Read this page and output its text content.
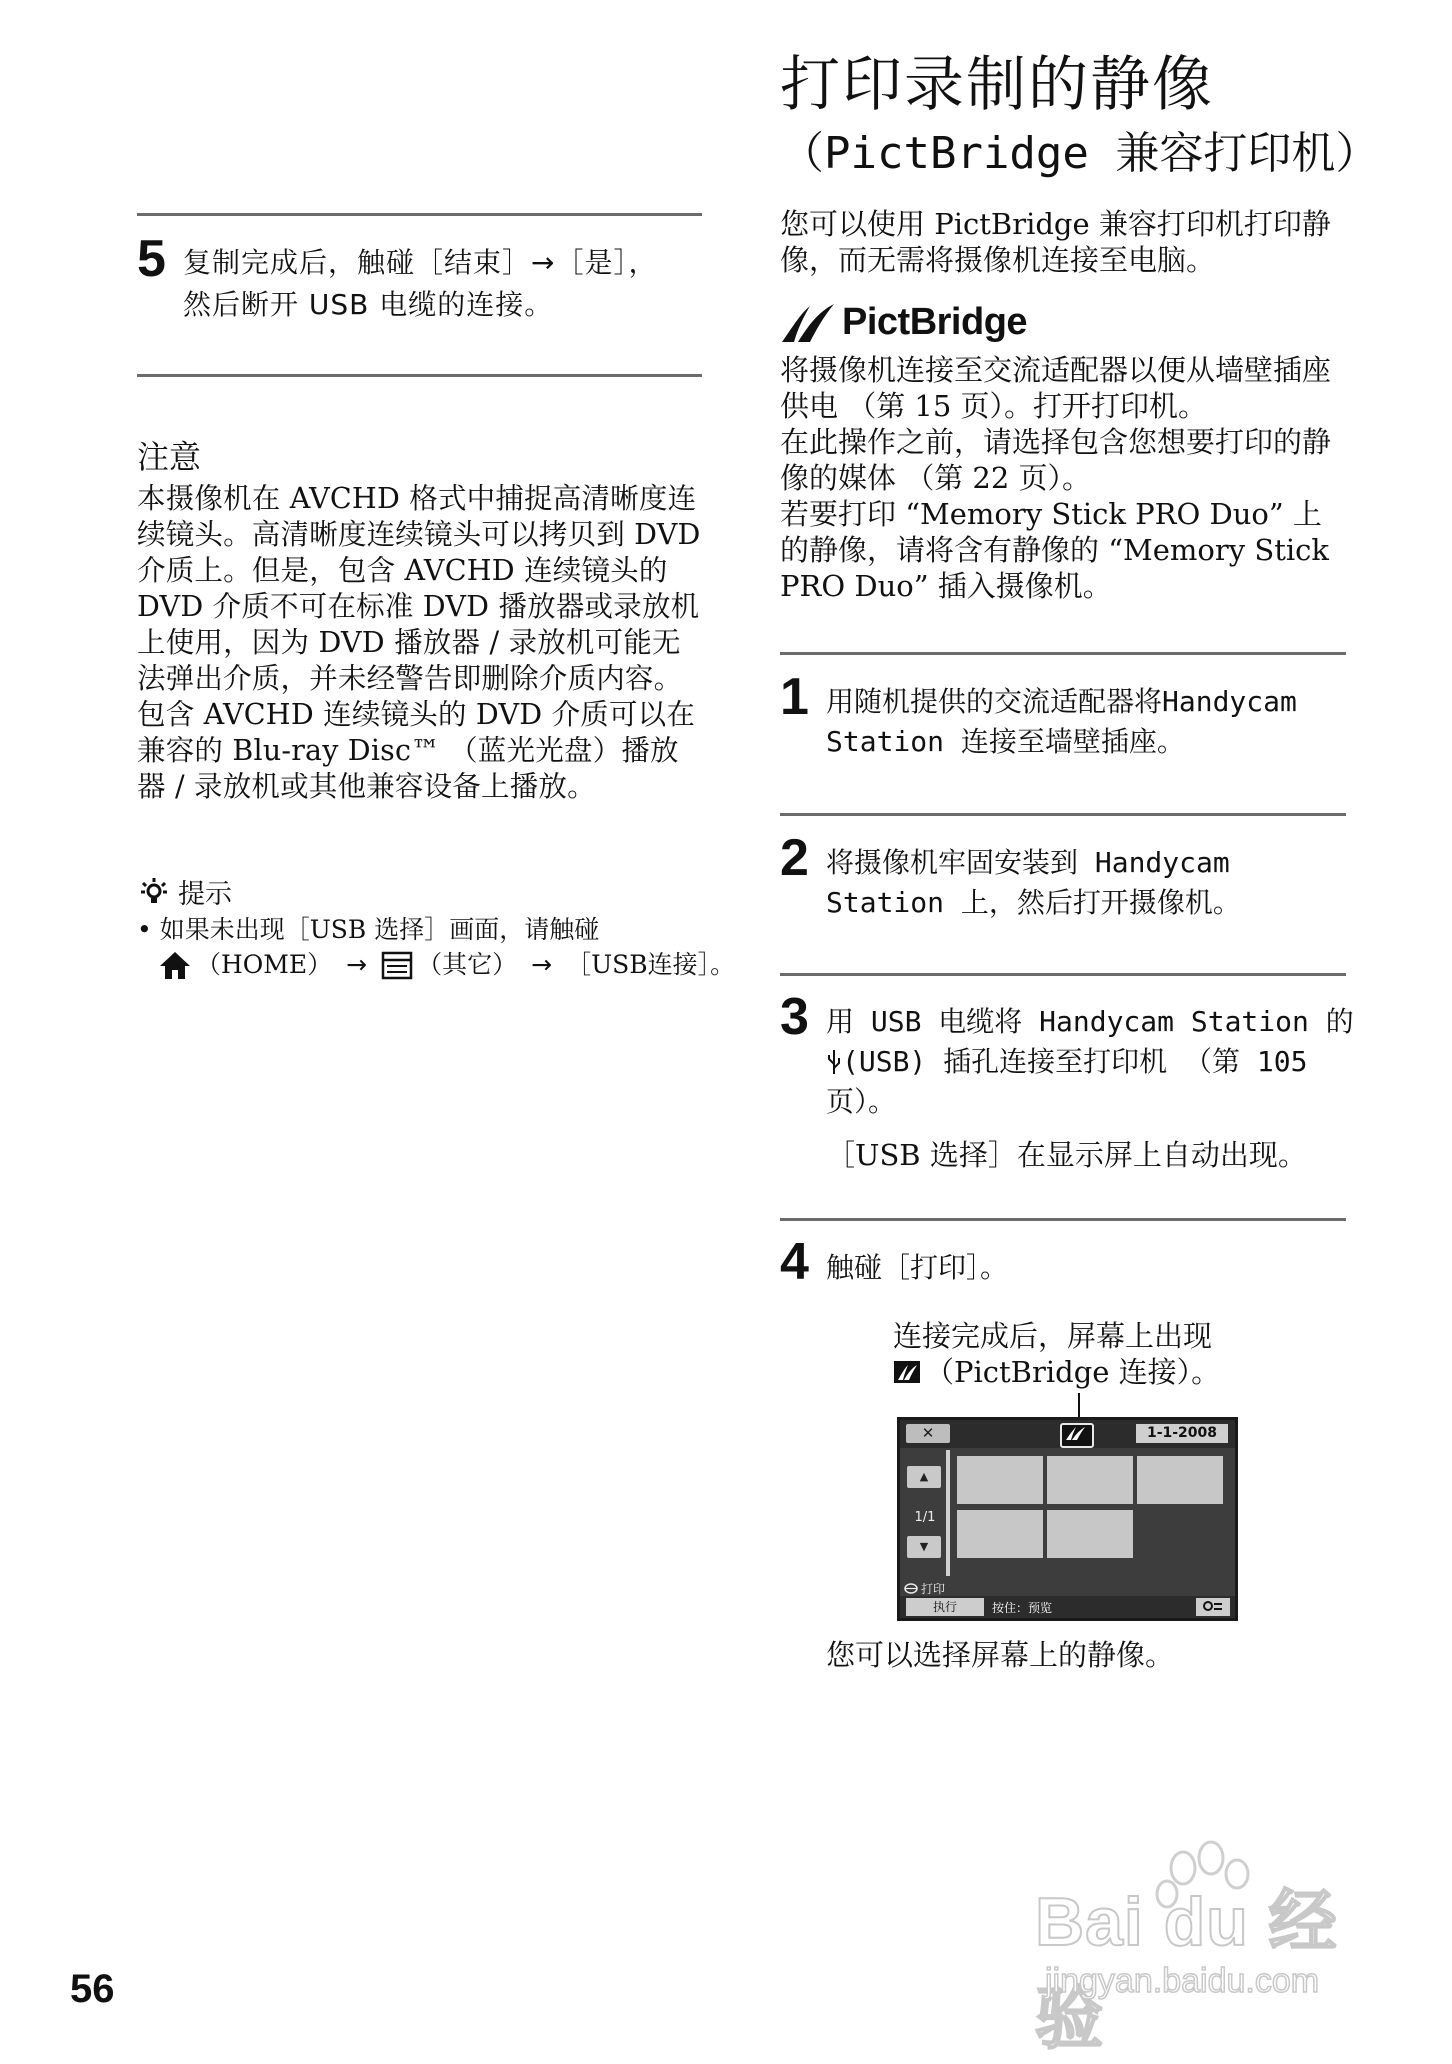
5 复制完成后，触碰［结束］→［是］，
然后断开 USB 电缆的连接。
注意
本摄像机在 AVCHD 格式中捕捉高清晰度连续镜头。高清晰度连续镜头可以拷贝到 DVD 介质上。但是，包含 AVCHD 连续镜头的 DVD 介质不可在标准 DVD 播放器或录放机上使用，因为 DVD 播放器 / 录放机可能无法弹出介质，并未经警告即删除介质内容。包含 AVCHD 连续镜头的 DVD 介质可以在兼容的 Blu-ray Disc™ （蓝光光盘）播放器 / 录放机或其他兼容设备上播放。
提示
• 如果未出现［USB 选择］画面，请触碰
（HOME） → （其它） → ［USB连接］。
打印录制的静像
（PictBridge 兼容打印机）
您可以使用 PictBridge 兼容打印机打印静像，而无需将摄像机连接至电脑。
PictBridge
将摄像机连接至交流适配器以便从墙壁插座供电 （第 15 页）。打开打印机。
在此操作之前，请选择包含您想要打印的静像的媒体 （第 22 页）。
若要打印 “Memory Stick PRO Duo” 上的静像，请将含有静像的 “Memory Stick PRO Duo” 插入摄像机。
1 用随机提供的交流适配器将Handycam
Station 连接至墙壁插座。
2 将摄像机牢固安装到 Handycam
Station 上，然后打开摄像机。
3 用 USB 电缆将 Handycam Station 的
(USB) 插孔连接至打印机 （第 105
页）。
［USB 选择］在显示屏上自动出现。
4 触碰［打印］。
连接完成后，屏幕上出现
（PictBridge 连接）。
✕	1-1-2008
▲
1/1
▼
打印
执行	按住：预览
您可以选择屏幕上的静像。
56
Bai du 经验
jingyan.baidu.com
